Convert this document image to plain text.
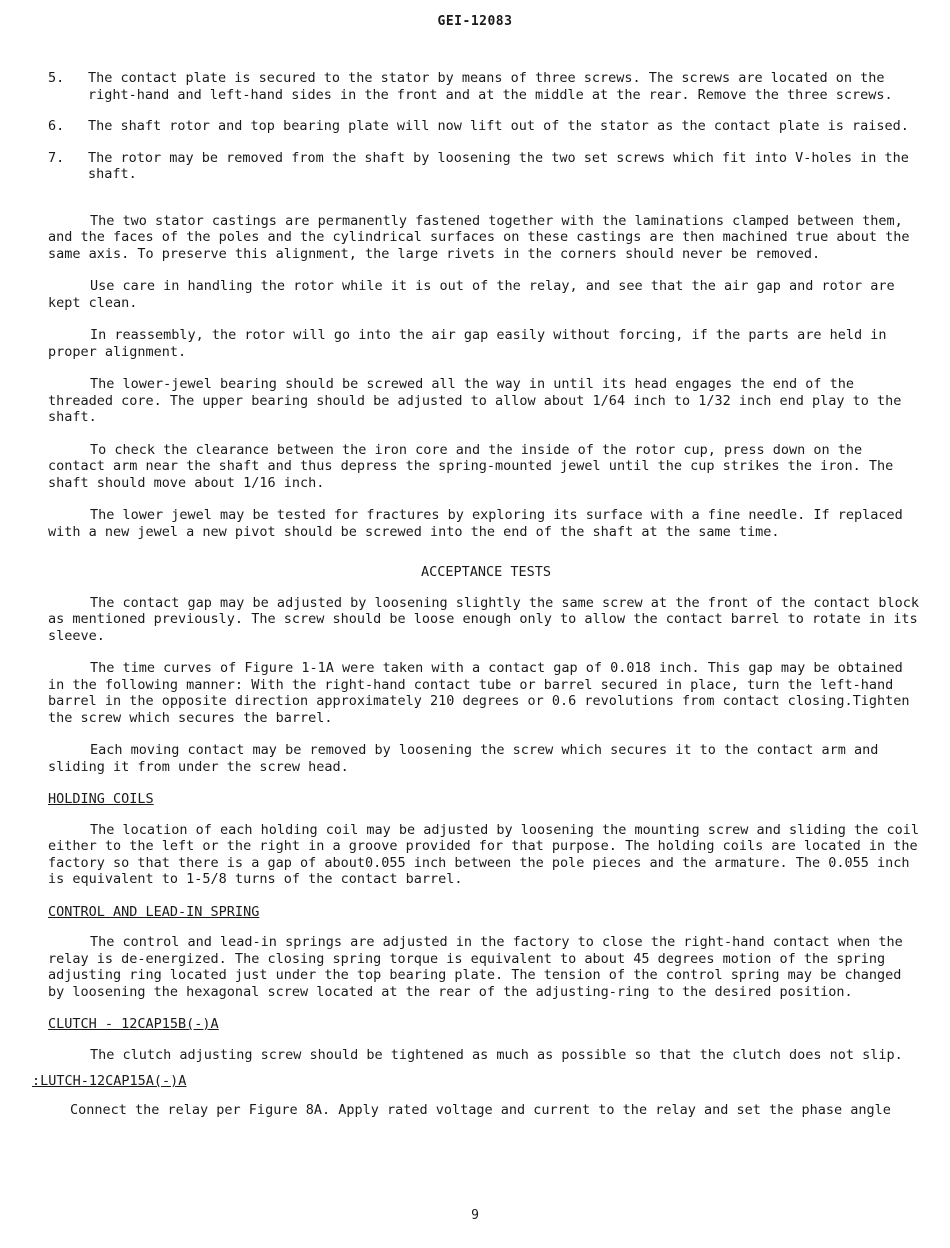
GEI-12083
5. The contact plate is secured to the stator by means of three screws. The screws are located on the right-hand and left-hand sides in the front and at the middle at the rear. Remove the three screws.

6. The shaft rotor and top bearing plate will now lift out of the stator as the contact plate is raised.

7. The rotor may be removed from the shaft by loosening the two set screws which fit into V-holes in the shaft.

The two stator castings are permanently fastened together with the laminations clamped between them, and the faces of the poles and the cylindrical surfaces on these castings are then machined true about the same axis. To preserve this alignment, the large rivets in the corners should never be removed.

Use care in handling the rotor while it is out of the relay, and see that the air gap and rotor are kept clean.

In reassembly, the rotor will go into the air gap easily without forcing, if the parts are held in proper alignment.

The lower-jewel bearing should be screwed all the way in until its head engages the end of the threaded core. The upper bearing should be adjusted to allow about 1/64 inch to 1/32 inch end play to the shaft.

To check the clearance between the iron core and the inside of the rotor cup, press down on the contact arm near the shaft and thus depress the spring-mounted jewel until the cup strikes the iron. The shaft should move about 1/16 inch.

The lower jewel may be tested for fractures by exploring its surface with a fine needle. If replaced with a new jewel a new pivot should be screwed into the end of the shaft at the same time.

ACCEPTANCE TESTS

The contact gap may be adjusted by loosening slightly the same screw at the front of the contact block as mentioned previously. The screw should be loose enough only to allow the contact barrel to rotate in its sleeve.

The time curves of Figure 1-1A were taken with a contact gap of 0.018 inch. This gap may be obtained in the following manner: With the right-hand contact tube or barrel secured in place, turn the left-hand barrel in the opposite direction approximately 210 degrees or 0.6 revolutions from contact closing.Tighten the screw which secures the barrel.

Each moving contact may be removed by loosening the screw which secures it to the contact arm and sliding it from under the screw head.

HOLDING COILS

The location of each holding coil may be adjusted by loosening the mounting screw and sliding the coil either to the left or the right in a groove provided for that purpose. The holding coils are located in the factory so that there is a gap of about0.055 inch between the pole pieces and the armature. The 0.055 inch is equivalent to 1-5/8 turns of the contact barrel.

CONTROL AND LEAD-IN SPRING

The control and lead-in springs are adjusted in the factory to close the right-hand contact when the relay is de-energized. The closing spring torque is equivalent to about 45 degrees motion of the spring adjusting ring located just under the top bearing plate. The tension of the control spring may be changed by loosening the hexagonal screw located at the rear of the adjusting-ring to the desired position.

CLUTCH - 12CAP15B(-)A

The clutch adjusting screw should be tightened as much as possible so that the clutch does not slip.

:LUTCH-12CAP15A(-)A

Connect the relay per Figure 8A. Apply rated voltage and current to the relay and set the phase angle

9
